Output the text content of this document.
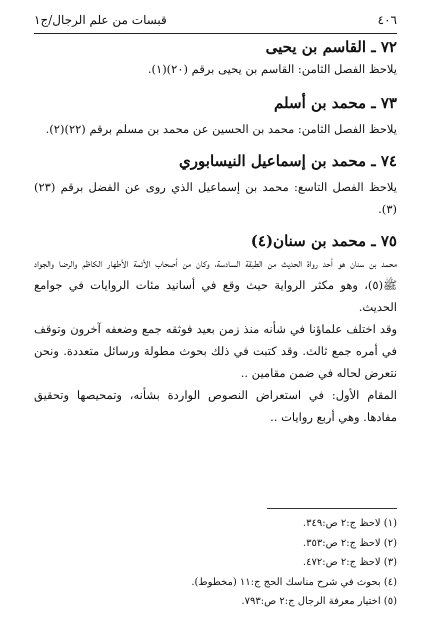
٤٠٦
قبسات من علم الرجال/ج١
٧٢ ـ القاسم بن يحيى

يلاحظ الفصل الثامن: القاسم بن يحيى برقم (٢٠)(١).

٧٣ ـ محمد بن أسلم

يلاحظ الفصل الثامن: محمد بن الحسين عن محمد بن مسلم برقم (٢٢)(٢).

٧٤ ـ محمد بن إسماعيل النيسابوري

يلاحظ الفصل التاسع: محمد بن إسماعيل الذي روى عن الفضل برقم (٢٣)(٣).

٧٥ ـ محمد بن سنان(٤)

محمد بن سنان هو أحد رواة الحديث من الطبقة السادسة، وكان من أصحاب الأئمة الأطهار الكاظم والرضا والجواد ﷺ(٥)، وهو مكثر الرواية حيث وقع في أسانيد مئات الروايات في جوامع الحديث.

وقد اختلف علماؤنا في شأنه منذ زمن بعيد فوثقه جمع وضعفه آخرون وتوقف في أمره جمع ثالث. وقد كتبت في ذلك بحوث مطولة ورسائل متعددة. ونحن نتعرض لحاله في ضمن مقامين ..

المقام الأول: في استعراض النصوص الواردة بشأنه، وتمحيصها وتحقيق مفادها. وهي أربع روايات ..

(١) لاحظ ج:٢ ص:٣٤٩.
(٢) لاحظ ج:٢ ص:٣٥٣.
(٣) لاحظ ج:٢ ص:٤٧٢.
(٤) بحوث في شرح مناسك الحج ج:١١ (مخطوط).
(٥) اختيار معرفة الرجال ج:٢ ص:٧٩٣.
